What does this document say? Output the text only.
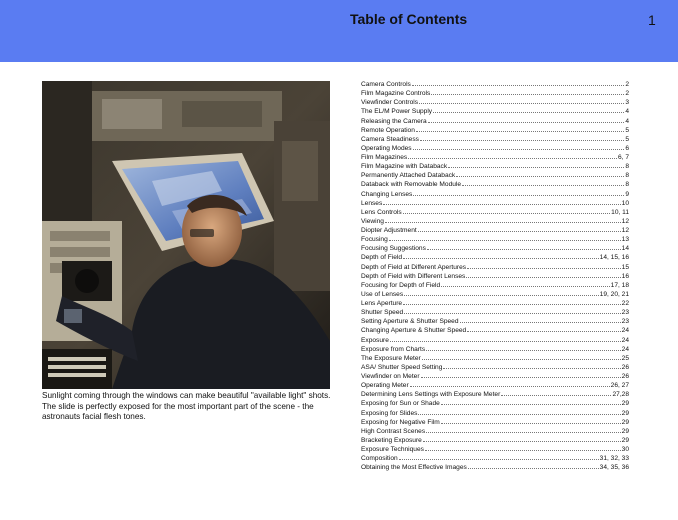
Table of Contents	1
Sunlight coming through the windows can make beautiful "available light" shots. The slide is perfectly exposed for the most important part of the scene - the astronauts facial flesh tones.
Camera Controls	2
Film Magazine Controls	2
Viewfinder Controls	3
The EL/M Power Supply	4
Releasing the Camera	4
Remote Operation	5
Camera Steadiness	5
Operating Modes	6
Film Magazines	6, 7
Film Magazine with Databack	8
Permanently Attached Databack	8
Databack with Removable Module	8
Changing Lenses	9
Lenses	10
Lens Controls	10, 11
Viewing	12
Diopter Adjustment	12
Focusing	13
Focusing Suggestions	14
Depth of Field	14, 15, 16
Depth of Field at Different Apertures	15
Depth of Field with Different Lenses	16
Focusing for Depth of Field	17, 18
Use of Lenses	19, 20, 21
Lens Aperture	22
Shutter Speed	23
Setting Aperture & Shutter Speed	23
Changing Aperture & Shutter Speed	24
Exposure	24
Exposure from Charts	24
The Exposure Meter	25
ASA/ Shutter Speed Setting	26
Viewfinder on Meter	26
Operating Meter	26, 27
Determining Lens Settings with Exposure Meter	27,28
Exposing for Sun or Shade	29
Exposing for Slides	29
Exposing for Negative Film	29
High Contrast Scenes	29
Bracketing Exposure	29
Exposure Techniques	30
Composition	31, 32, 33
Obtaining the Most Effective Images	34, 35, 36
